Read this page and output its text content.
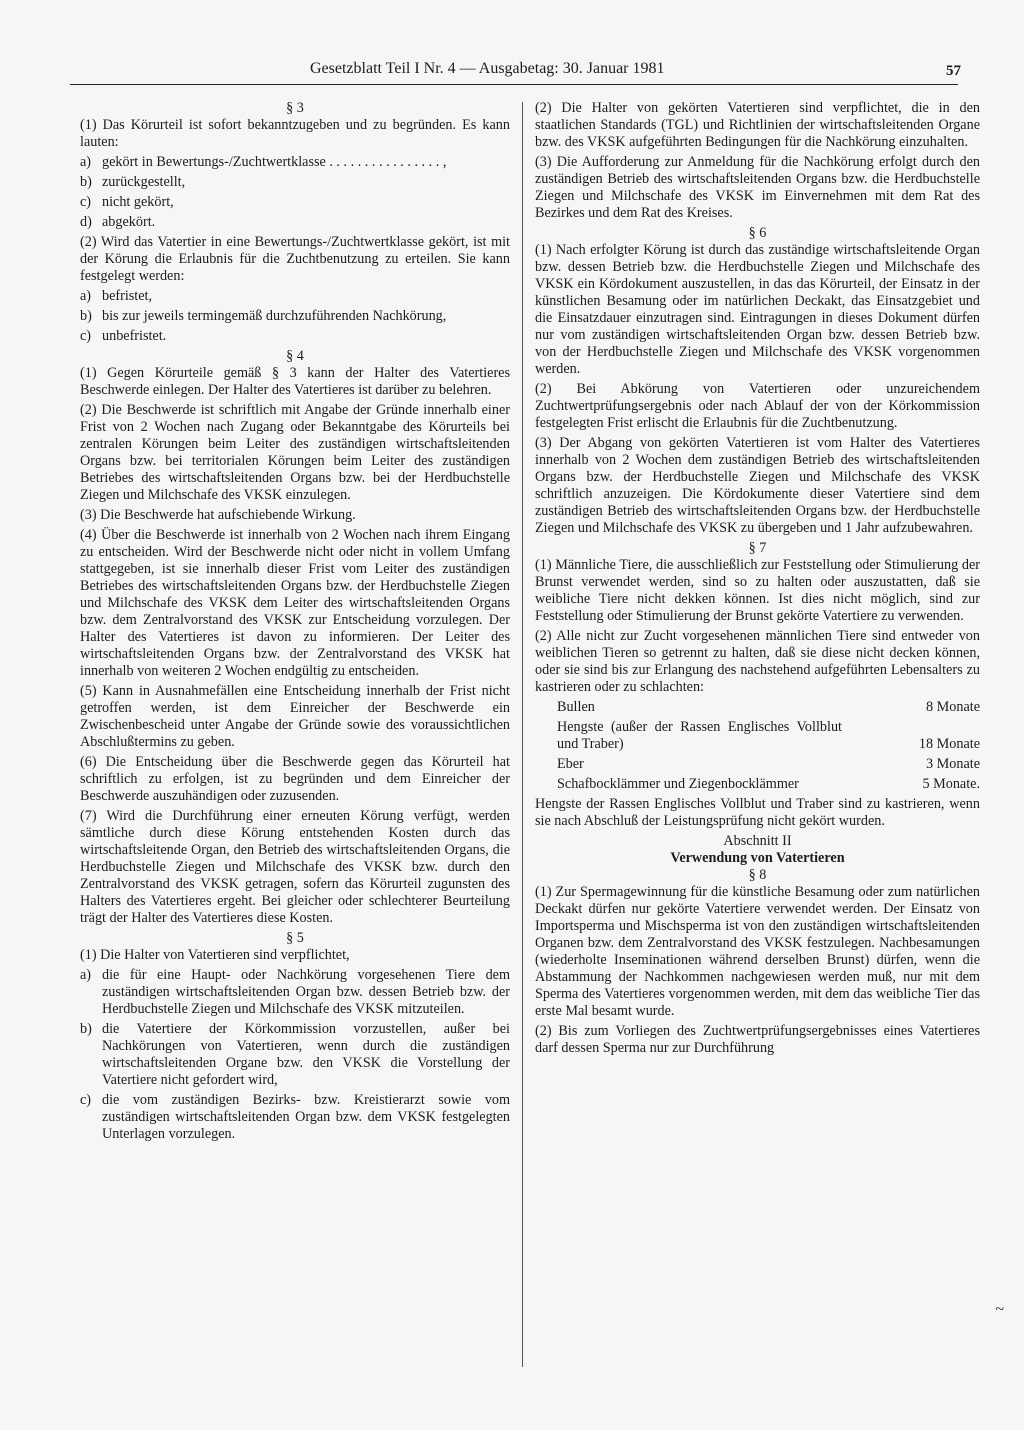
Gesetzblatt Teil I Nr. 4 — Ausgabetag: 30. Januar 1981	57

§ 3

(1) Das Körurteil ist sofort bekanntzugeben und zu begründen. Es kann lauten:

a) gekört in Bewertungs-/Zuchtwertklasse . . . . . . . . . . . . . . . . ,
b) zurückgestellt,
c) nicht gekört,
d) abgekört.

(2) Wird das Vatertier in eine Bewertungs-/Zuchtwertklasse gekört, ist mit der Körung die Erlaubnis für die Zuchtbenutzung zu erteilen. Sie kann festgelegt werden:

a) befristet,
b) bis zur jeweils termingemäß durchzuführenden Nachkörung,
c) unbefristet.

§ 4

(1) Gegen Körurteile gemäß § 3 kann der Halter des Vatertieres Beschwerde einlegen. Der Halter des Vatertieres ist darüber zu belehren.

(2) Die Beschwerde ist schriftlich mit Angabe der Gründe innerhalb einer Frist von 2 Wochen nach Zugang oder Bekanntgabe des Körurteils bei zentralen Körungen beim Leiter des zuständigen wirtschaftsleitenden Organs bzw. bei territorialen Körungen beim Leiter des zuständigen Betriebes des wirtschaftsleitenden Organs bzw. bei der Herdbuchstelle Ziegen und Milchschafe des VKSK einzulegen.

(3) Die Beschwerde hat aufschiebende Wirkung.

(4) Über die Beschwerde ist innerhalb von 2 Wochen nach ihrem Eingang zu entscheiden. Wird der Beschwerde nicht oder nicht in vollem Umfang stattgegeben, ist sie innerhalb dieser Frist vom Leiter des zuständigen Betriebes des wirtschaftsleitenden Organs bzw. der Herdbuchstelle Ziegen und Milchschafe des VKSK dem Leiter des wirtschaftsleitenden Organs bzw. dem Zentralvorstand des VKSK zur Entscheidung vorzulegen. Der Halter des Vatertieres ist davon zu informieren. Der Leiter des wirtschaftsleitenden Organs bzw. der Zentralvorstand des VKSK hat innerhalb von weiteren 2 Wochen endgültig zu entscheiden.

(5) Kann in Ausnahmefällen eine Entscheidung innerhalb der Frist nicht getroffen werden, ist dem Einreicher der Beschwerde ein Zwischenbescheid unter Angabe der Gründe sowie des voraussichtlichen Abschlußtermins zu geben.

(6) Die Entscheidung über die Beschwerde gegen das Körurteil hat schriftlich zu erfolgen, ist zu begründen und dem Einreicher der Beschwerde auszuhändigen oder zuzusenden.

(7) Wird die Durchführung einer erneuten Körung verfügt, werden sämtliche durch diese Körung entstehenden Kosten durch das wirtschaftsleitende Organ, den Betrieb des wirtschaftsleitenden Organs, die Herdbuchstelle Ziegen und Milchschafe des VKSK bzw. durch den Zentralvorstand des VKSK getragen, sofern das Körurteil zugunsten des Halters des Vatertieres ergeht. Bei gleicher oder schlechterer Beurteilung trägt der Halter des Vatertieres diese Kosten.

§ 5

(1) Die Halter von Vatertieren sind verpflichtet,

a) die für eine Haupt- oder Nachkörung vorgesehenen Tiere dem zuständigen wirtschaftsleitenden Organ bzw. dessen Betrieb bzw. der Herdbuchstelle Ziegen und Milchschafe des VKSK mitzuteilen.
b) die Vatertiere der Körkommission vorzustellen, außer bei Nachkörungen von Vatertieren, wenn durch die zuständigen wirtschaftsleitenden Organe bzw. den VKSK die Vorstellung der Vatertiere nicht gefordert wird,
c) die vom zuständigen Bezirks- bzw. Kreistierarzt sowie vom zuständigen wirtschaftsleitenden Organ bzw. dem VKSK festgelegten Unterlagen vorzulegen.

(2) Die Halter von gekörten Vatertieren sind verpflichtet, die in den staatlichen Standards (TGL) und Richtlinien der wirtschaftsleitenden Organe bzw. des VKSK aufgeführten Bedingungen für die Nachkörung einzuhalten.

(3) Die Aufforderung zur Anmeldung für die Nachkörung erfolgt durch den zuständigen Betrieb des wirtschaftsleitenden Organs bzw. die Herdbuchstelle Ziegen und Milchschafe des VKSK im Einvernehmen mit dem Rat des Bezirkes und dem Rat des Kreises.

§ 6

(1) Nach erfolgter Körung ist durch das zuständige wirtschaftsleitende Organ bzw. dessen Betrieb bzw. die Herdbuchstelle Ziegen und Milchschafe des VKSK ein Kördokument auszustellen, in das das Körurteil, der Einsatz in der künstlichen Besamung oder im natürlichen Deckakt, das Einsatzgebiet und die Einsatzdauer einzutragen sind. Eintragungen in dieses Dokument dürfen nur vom zuständigen wirtschaftsleitenden Organ bzw. dessen Betrieb bzw. von der Herdbuchstelle Ziegen und Milchschafe des VKSK vorgenommen werden.

(2) Bei Abkörung von Vatertieren oder unzureichendem Zuchtwertprüfungsergebnis oder nach Ablauf der von der Körkommission festgelegten Frist erlischt die Erlaubnis für die Zuchtbenutzung.

(3) Der Abgang von gekörten Vatertieren ist vom Halter des Vatertieres innerhalb von 2 Wochen dem zuständigen Betrieb des wirtschaftsleitenden Organs bzw. der Herdbuchstelle Ziegen und Milchschafe des VKSK schriftlich anzuzeigen. Die Kördokumente dieser Vatertiere sind dem zuständigen Betrieb des wirtschaftsleitenden Organs bzw. der Herdbuchstelle Ziegen und Milchschafe des VKSK zu übergeben und 1 Jahr aufzubewahren.

§ 7

(1) Männliche Tiere, die ausschließlich zur Feststellung oder Stimulierung der Brunst verwendet werden, sind so zu halten oder auszustatten, daß sie weibliche Tiere nicht dekken können. Ist dies nicht möglich, sind zur Feststellung oder Stimulierung der Brunst gekörte Vatertiere zu verwenden.

(2) Alle nicht zur Zucht vorgesehenen männlichen Tiere sind entweder von weiblichen Tieren so getrennt zu halten, daß sie diese nicht decken können, oder sie sind bis zur Erlangung des nachstehend aufgeführten Lebensalters zu kastrieren oder zu schlachten:

Bullen	8 Monate
Hengste (außer der Rassen Englisches Vollblut und Traber)	18 Monate
Eber	3 Monate
Schafbocklämmer und Ziegenbocklämmer	5 Monate.

Hengste der Rassen Englisches Vollblut und Traber sind zu kastrieren, wenn sie nach Abschluß der Leistungsprüfung nicht gekört wurden.

Abschnitt II

Verwendung von Vatertieren

§ 8

(1) Zur Spermagewinnung für die künstliche Besamung oder zum natürlichen Deckakt dürfen nur gekörte Vatertiere verwendet werden. Der Einsatz von Importsperma und Mischsperma ist von den zuständigen wirtschaftsleitenden Organen bzw. dem Zentralvorstand des VKSK festzulegen. Nachbesamungen (wiederholte Inseminationen während derselben Brunst) dürfen, wenn die Abstammung der Nachkommen nachgewiesen werden muß, nur mit dem Sperma des Vatertieres vorgenommen werden, mit dem das weibliche Tier das erste Mal besamt wurde.

(2) Bis zum Vorliegen des Zuchtwertprüfungsergebnisses eines Vatertieres darf dessen Sperma nur zur Durchführung

~
